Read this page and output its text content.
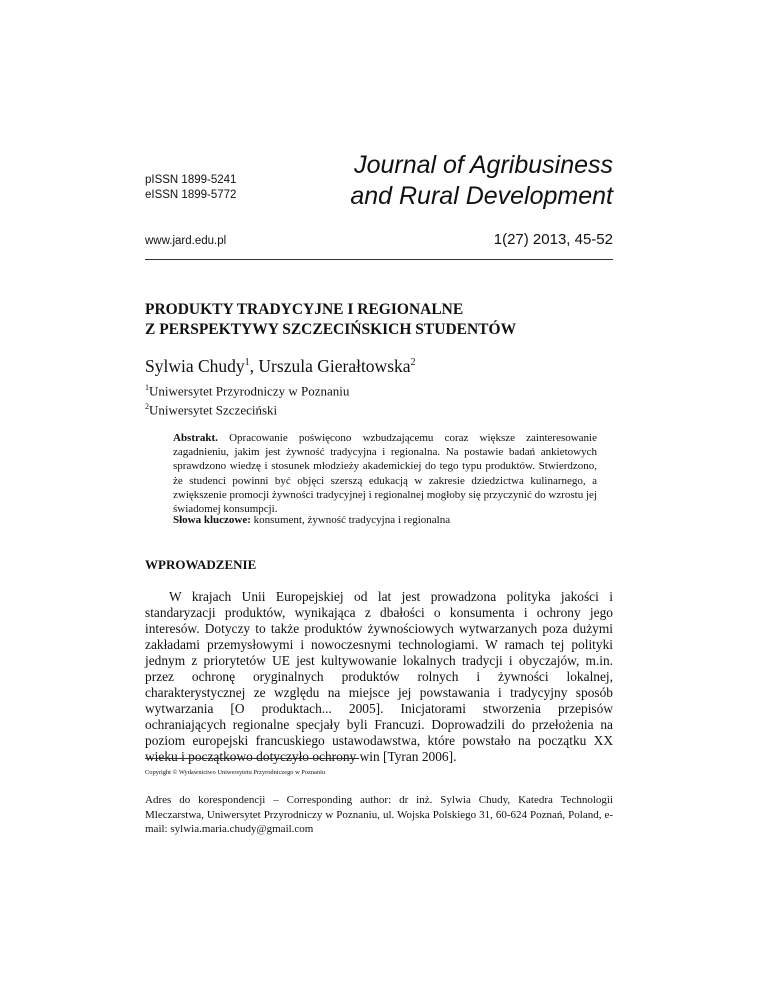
pISSN 1899-5241
eISSN 1899-5772
Journal of Agribusiness
and Rural Development
www.jard.edu.pl	1(27) 2013, 45-52
PRODUKTY TRADYCYJNE I REGIONALNE
Z PERSPEKTYWY SZCZECIŃSKICH STUDENTÓW
Sylwia Chudy$^1$, Urszula Gierałtowska$^2$
$^1$Uniwersytet Przyrodniczy w Poznaniu
$^2$Uniwersytet Szczeciński
Abstrakt. Opracowanie poświęcono wzbudzającemu coraz większe zainteresowanie zagadnieniu, jakim jest żywność tradycyjna i regionalna. Na postawie badań ankietowych sprawdzono wiedzę i stosunek młodzieży akademickiej do tego typu produktów. Stwierdzono, że studenci powinni być objęci szerszą edukacją w zakresie dziedzictwa kulinarnego, a zwiększenie promocji żywności tradycyjnej i regionalnej mogłoby się przyczynić do wzrostu jej świadomej konsumpcji.
Słowa kluczowe: konsument, żywność tradycyjna i regionalna
WPROWADZENIE
W krajach Unii Europejskiej od lat jest prowadzona polityka jakości i standaryzacji produktów, wynikająca z dbałości o konsumenta i ochrony jego interesów. Dotyczy to także produktów żywnościowych wytwarzanych poza dużymi zakładami przemysłowymi i nowoczesnymi technologiami. W ramach tej polityki jednym z priorytetów UE jest kultywowanie lokalnych tradycji i obyczajów, m.in. przez ochronę oryginalnych produktów rolnych i żywności lokalnej, charakterystycznej ze względu na miejsce jej powstawania i tradycyjny sposób wytwarzania [O produktach... 2005]. Inicjatorami stworzenia przepisów ochraniających regionalne specjały byli Francuzi. Doprowadzili do przełożenia na poziom europejski francuskiego ustawodawstwa, które powstało na początku XX wieku i początkowo dotyczyło ochrony win [Tyran 2006].
Copyright © Wydawnictwo Uniwersytetu Przyrodniczego w Poznaniu
Adres do korespondencji – Corresponding author: dr inż. Sylwia Chudy, Katedra Technologii Mleczarstwa, Uniwersytet Przyrodniczy w Poznaniu, ul. Wojska Polskiego 31, 60-624 Poznań, Poland, e-mail: sylwia.maria.chudy@gmail.com
